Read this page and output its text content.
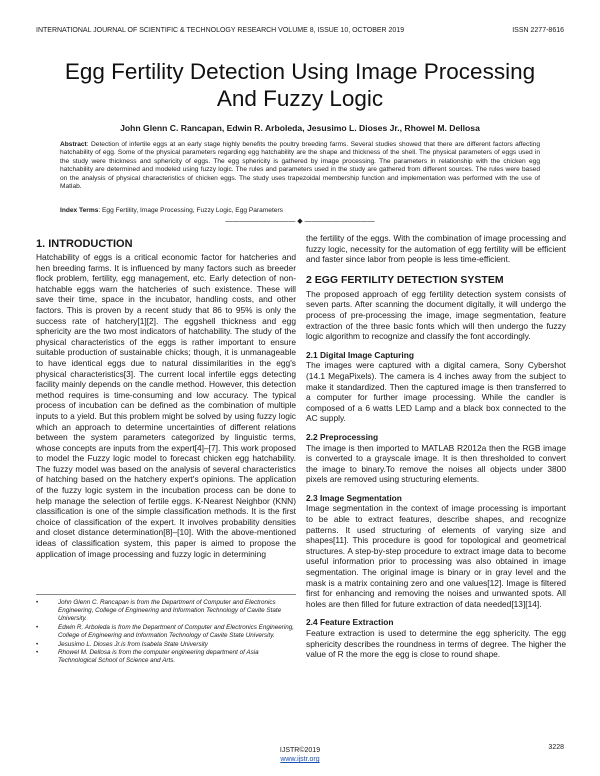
INTERNATIONAL JOURNAL OF SCIENTIFIC & TECHNOLOGY RESEARCH VOLUME 8, ISSUE 10, OCTOBER 2019	ISSN 2277-8616
Egg Fertility Detection Using Image Processing
And Fuzzy Logic
John Glenn C. Rancapan, Edwin R. Arboleda, Jesusimo L. Dioses Jr., Rhowel M. Dellosa
Abstract: Detection of infertile eggs at an early stage highly benefits the poultry breeding farms. Several studies showed that there are different factors affecting hatchability of egg. Some of the physical parameters regarding egg hatchability are the shape and thickness of the shell. The physical parameters of eggs used in the study were thickness and sphericity of eggs. The egg sphericity is gathered by image processing. The parameters in relationship with the chicken egg hatchability are determined and modeled using fuzzy logic. The rules and parameters used in the study are gathered from different sources. The rules were based on the analysis of physical characteristics of chicken eggs. The study uses trapezoidal membership function and implementation was performed with the use of Matlab.
Index Terms: Egg Fertility, Image Processing, Fuzzy Logic, Egg Parameters
—————————— ◆ ——————————
1. INTRODUCTION

Hatchability of eggs is a critical economic factor for hatcheries and hen breeding farms. It is influenced by many factors such as breeder flock problem, fertility, egg management, etc. Early detection of non-hatchable eggs warn the hatcheries of such existence. These will save their time, space in the incubator, handling costs, and other factors. This is proven by a recent study that 86 to 95% is only the success rate of hatchery[1][2]. The eggshell thickness and egg sphericity are the two most indicators of hatchability. The study of the physical characteristics of the eggs is rather important to ensure suitable production of sustainable chicks; though, it is unmanageable to have identical eggs due to natural dissimilarities in the egg's physical characteristics[3]. The current local infertile eggs detecting facility mainly depends on the candle method. However, this detection method requires is time-consuming and low accuracy. The typical process of incubation can be defined as the combination of multiple inputs to a yield. But this problem might be solved by using fuzzy logic which an approach to determine uncertainties of different relations between the system parameters categorized by linguistic terms, whose concepts are inputs from the expert[4]–[7]. This work proposed to model the Fuzzy logic model to forecast chicken egg hatchability. The fuzzy model was based on the analysis of several characteristics of hatching based on the hatchery expert's opinions. The application of the fuzzy logic system in the incubation process can be done to help manage the selection of fertile eggs. K-Nearest Neighbor (KNN) classification is one of the simple classification methods. It is the first choice of classification of the expert. It involves probability densities and closet distance determination[8]–[10]. With the above-mentioned ideas of classification system, this paper is aimed to propose the application of image processing and fuzzy logic in determining

the fertility of the eggs. With the combination of image processing and fuzzy logic, necessity for the automation of egg fertility will be efficient and faster since labor from people is less time-efficient.

2 EGG FERTILITY DETECTION SYSTEM

The proposed approach of egg fertility detection system consists of seven parts. After scanning the document digitally, it will undergo the process of pre-processing the image, image segmentation, feature extraction of the three basic fonts which will then undergo the fuzzy logic algorithm to recognize and classify the font accordingly.

2.1 Digital Image Capturing

The images were captured with a digital camera, Sony Cybershot (14.1 MegaPixels). The camera is 4 inches away from the subject to make it standardized. Then the captured image is then transferred to a computer for further image processing. While the candler is composed of a 6 watts LED Lamp and a black box connected to the AC supply.

2.2 Preprocessing

The image is then imported to MATLAB R2012a then the RGB image is converted to a grayscale image. It is then thresholded to convert the image to binary.To remove the noises all objects under 3800 pixels are removed using structuring elements.

2.3 Image Segmentation

Image segmentation in the context of image processing is important to be able to extract features, describe shapes, and recognize patterns. It used structuring of elements of varying size and shapes[11]. This procedure is good for topological and geometrical structures. A step-by-step procedure to extract image data to become useful information prior to processing was also obtained in image segmentation. The original image is binary or in gray level and the mask is a matrix containing zero and one values[12]. Image is filtered first for enhancing and removing the noises and unwanted spots. All holes are then filled for future extraction of data needed[13][14].

2.4 Feature Extraction

Feature extraction is used to determine the egg sphericity. The egg sphericity describes the roundness in terms of degree. The higher the value of R the more the egg is close to round shape.

•	John Glenn C. Rancapan is from the Department of Computer and Electronics Engineering, College of Engineering and Information Technology of Cavite State University.
•	Edwin R. Arboleda is from the Department of Computer and Electronics Engineering, College of Engineering and Information Technology of Cavite State University.
•	Jesusimo L. Dioses Jr.is from Isabela State University
•	Rhowel M. Dellosa is from the computer engineering department of Asia Technological School of Science and Arts.
3228
IJSTR©2019
www.ijstr.org
